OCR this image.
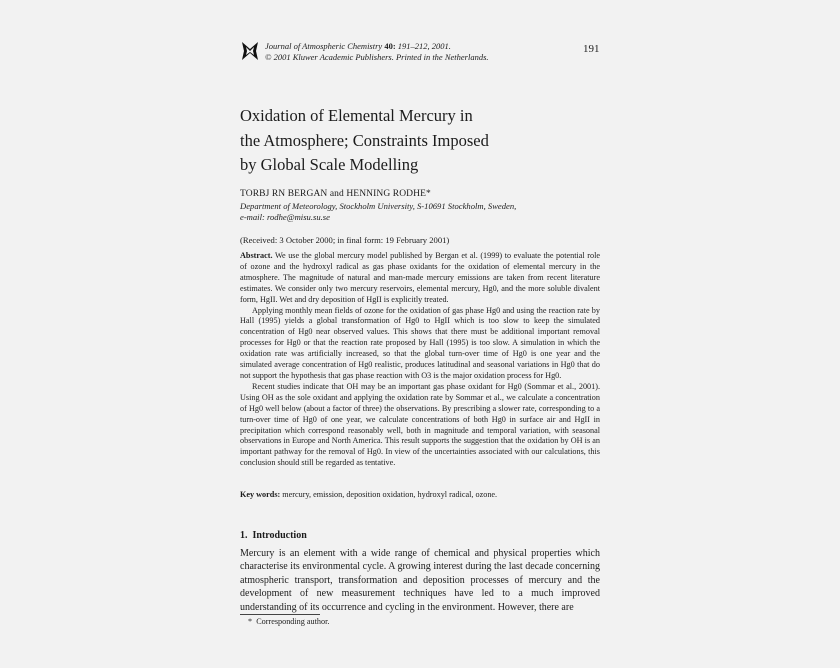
Journal of Atmospheric Chemistry 40: 191–212, 2001.
© 2001 Kluwer Academic Publishers. Printed in the Netherlands.
191
Oxidation of Elemental Mercury in
the Atmosphere; Constraints Imposed
by Global Scale Modelling
TORBJ RN BERGAN and HENNING RODHE*
Department of Meteorology, Stockholm University, S-10691 Stockholm, Sweden,
e-mail: rodhe@misu.su.se
(Received: 3 October 2000; in final form: 19 February 2001)

Abstract. We use the global mercury model published by Bergan et al. (1999) to evaluate the potential role of ozone and the hydroxyl radical as gas phase oxidants for the oxidation of elemental mercury in the atmosphere. The magnitude of natural and man-made mercury emissions are taken from recent literature estimates. We consider only two mercury reservoirs, elemental mercury, Hg0, and the more soluble divalent form, HgII. Wet and dry deposition of HgII is explicitly treated.

Applying monthly mean fields of ozone for the oxidation of gas phase Hg0 and using the reaction rate by Hall (1995) yields a global transformation of Hg0 to HgII which is too slow to keep the simulated concentration of Hg0 near observed values. This shows that there must be additional important removal processes for Hg0 or that the reaction rate proposed by Hall (1995) is too slow. A simulation in which the oxidation rate was artificially increased, so that the global turn-over time of Hg0 is one year and the simulated average concentration of Hg0 realistic, produces latitudinal and seasonal variations in Hg0 that do not support the hypothesis that gas phase reaction with O3 is the major oxidation process for Hg0.

Recent studies indicate that OH may be an important gas phase oxidant for Hg0 (Sommar et al., 2001). Using OH as the sole oxidant and applying the oxidation rate by Sommar et al., we calculate a concentration of Hg0 well below (about a factor of three) the observations. By prescribing a slower rate, corresponding to a turn-over time of Hg0 of one year, we calculate concentrations of both Hg0 in surface air and HgII in precipitation which correspond reasonably well, both in magnitude and temporal variation, with seasonal observations in Europe and North America. This result supports the suggestion that the oxidation by OH is an important pathway for the removal of Hg0. In view of the uncertainties associated with our calculations, this conclusion should still be regarded as tentative.

Key words: mercury, emission, deposition oxidation, hydroxyl radical, ozone.
1. Introduction

Mercury is an element with a wide range of chemical and physical properties which characterise its environmental cycle. A growing interest during the last decade concerning atmospheric transport, transformation and deposition processes of mercury and the development of new measurement techniques have led to a much improved understanding of its occurrence and cycling in the environment. However, there are

* Corresponding author.
